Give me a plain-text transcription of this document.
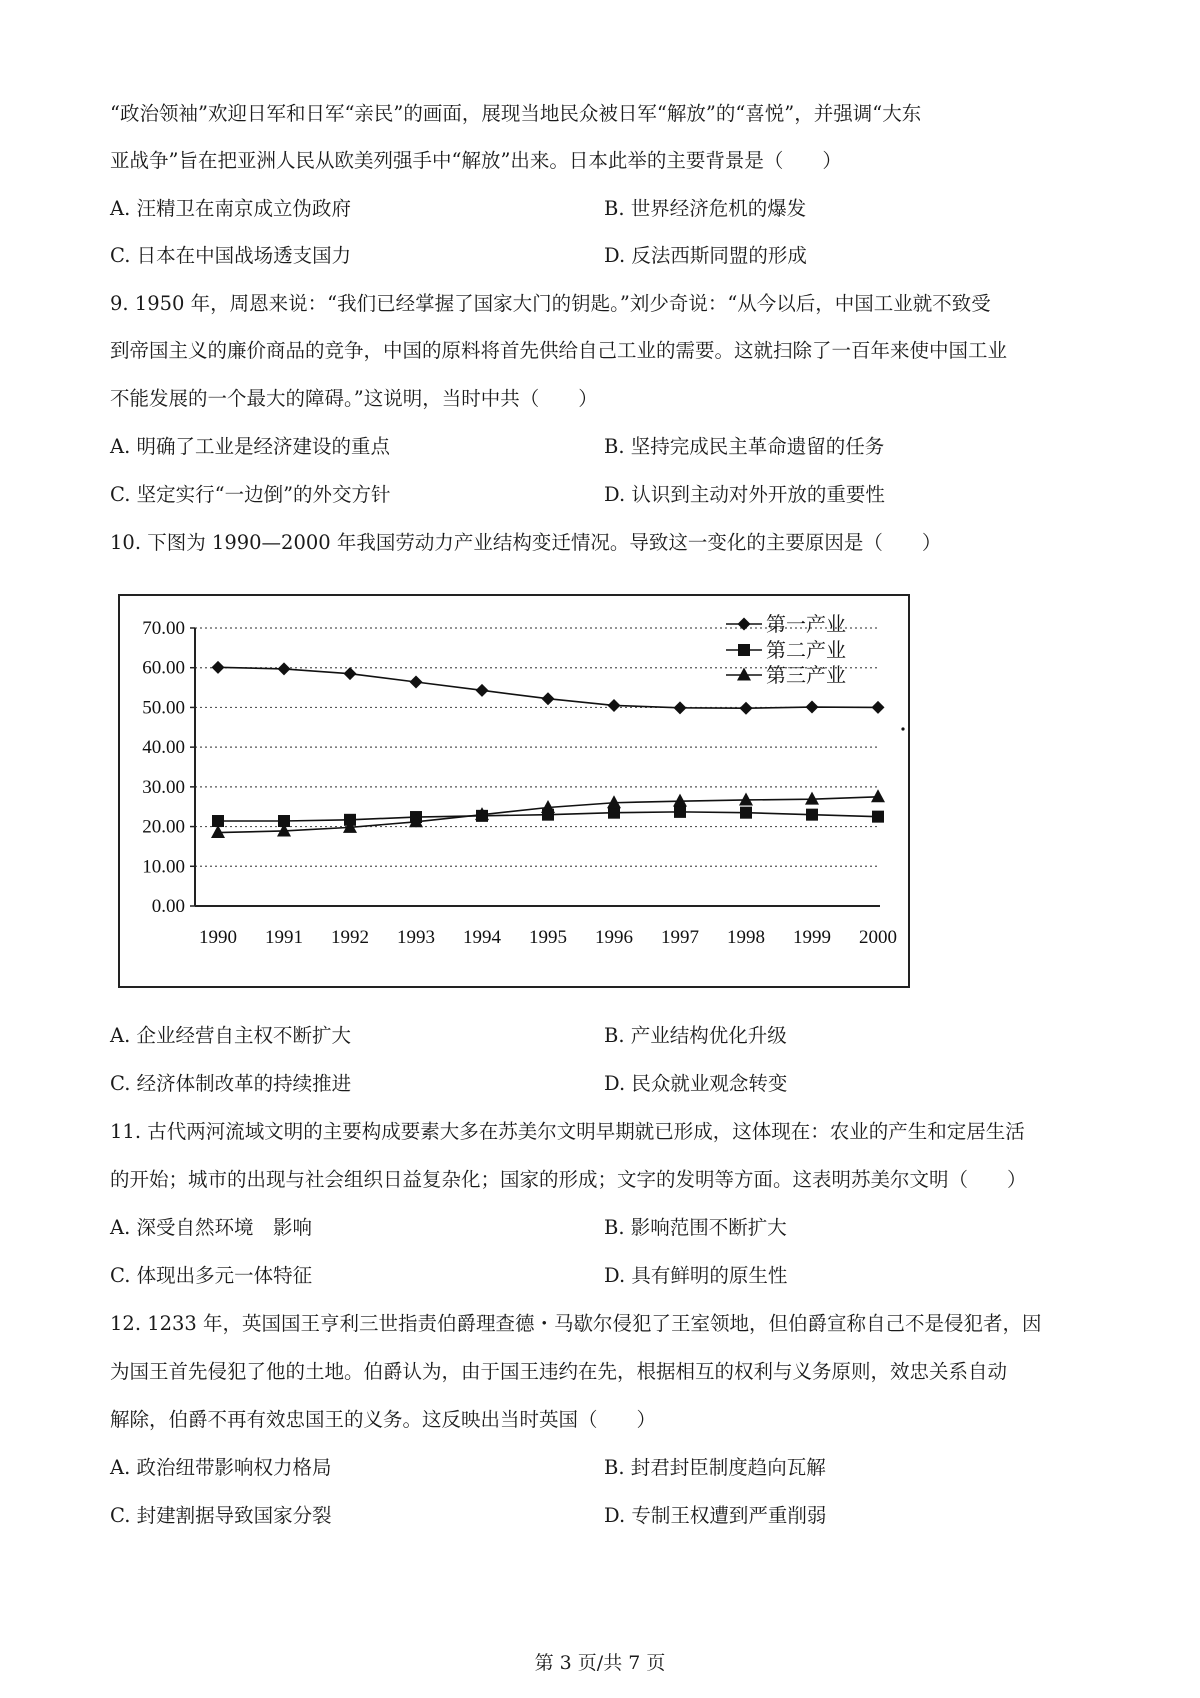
“政治领袖”欢迎日军和日军“亲民”的画面，展现当地民众被日军“解放”的“喜悦”，并强调“大东
亚战争”旨在把亚洲人民从欧美列强手中“解放”出来。日本此举的主要背景是（　　）
A. 汪精卫在南京成立伪政府	B. 世界经济危机的爆发
C. 日本在中国战场透支国力	D. 反法西斯同盟的形成
9. 1950 年，周恩来说：“我们已经掌握了国家大门的钥匙。”刘少奇说：“从今以后，中国工业就不致受
到帝国主义的廉价商品的竞争，中国的原料将首先供给自己工业的需要。这就扫除了一百年来使中国工业
不能发展的一个最大的障碍。”这说明，当时中共（　　）
A. 明确了工业是经济建设的重点	B. 坚持完成民主革命遗留的任务
C. 坚定实行“一边倒”的外交方针	D. 认识到主动对外开放的重要性
10. 下图为 1990—2000 年我国劳动力产业结构变迁情况。导致这一变化的主要原因是（　　）
0.00
10.00
20.00
30.00
40.00
50.00
60.00
70.00
1990 1991 1992 1993 1994 1995 1996 1997 1998 1999 2000
第一产业
第二产业
第三产业
A. 企业经营自主权不断扩大	B. 产业结构优化升级
C. 经济体制改革的持续推进	D. 民众就业观念转变
11. 古代两河流域文明的主要构成要素大多在苏美尔文明早期就已形成，这体现在：农业的产生和定居生活
的开始；城市的出现与社会组织日益复杂化；国家的形成；文字的发明等方面。这表明苏美尔文明（　　）
A. 深受自然环境　影响	B. 影响范围不断扩大
C. 体现出多元一体特征	D. 具有鲜明的原生性
12. 1233 年，英国国王亨利三世指责伯爵理查德・马歇尔侵犯了王室领地，但伯爵宣称自己不是侵犯者，因
为国王首先侵犯了他的土地。伯爵认为，由于国王违约在先，根据相互的权利与义务原则，效忠关系自动
解除，伯爵不再有效忠国王的义务。这反映出当时英国（　　）
A. 政治纽带影响权力格局	B. 封君封臣制度趋向瓦解
C. 封建割据导致国家分裂	D. 专制王权遭到严重削弱
第 3 页/共 7 页
